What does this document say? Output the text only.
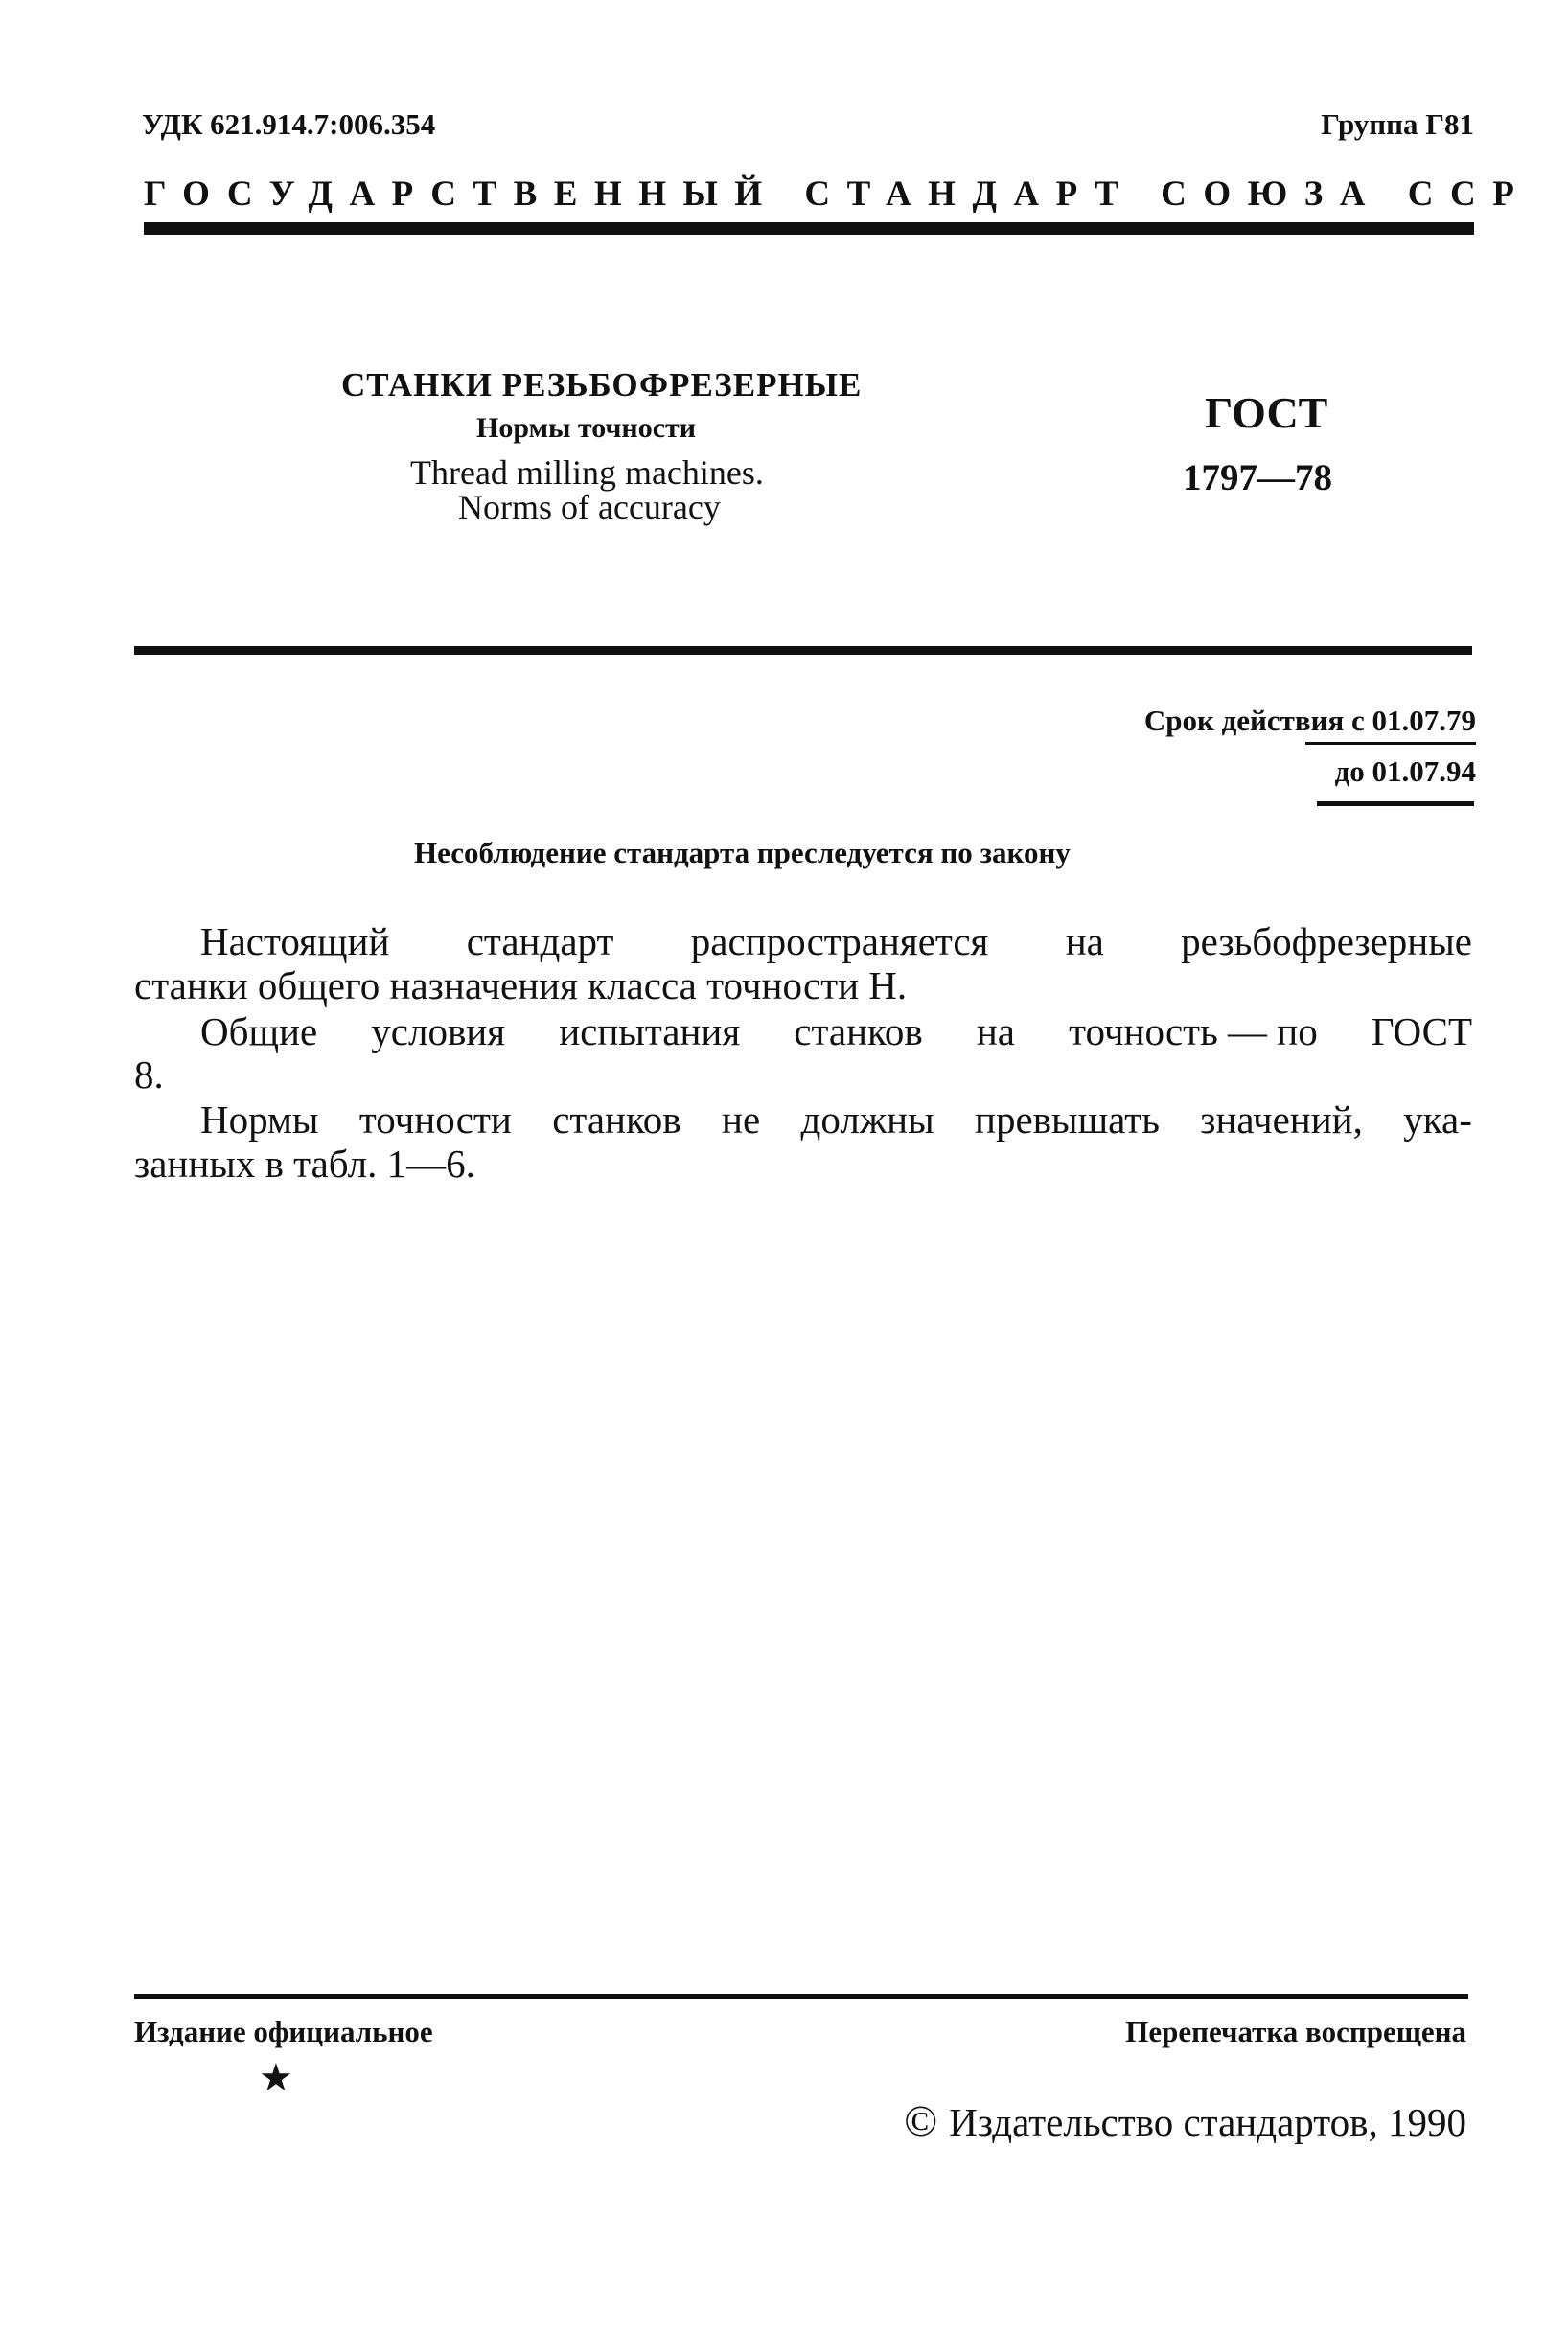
УДК 621.914.7:006.354	Группа Г81
ГОСУДАРСТВЕННЫЙ СТАНДАРТ СОЮЗА ССР
СТАНКИ РЕЗЬБОФРЕЗЕРНЫЕ
Нормы точности
Thread milling machines.
Norms of accuracy
ГОСТ
1797—78
Срок действия с 01.07.79
до 01.07.94
Несоблюдение стандарта преследуется по закону
Настоящий стандарт распространяется на резьбофрезерные
станки общего назначения класса точности Н.
Общие условия испытания станков на точность — по ГОСТ
8.
Нормы точности станков не должны превышать значений, ука-
занных в табл. 1—6.
Издание официальное
★
Перепечатка воспрещена
© Издательство стандартов, 1990
